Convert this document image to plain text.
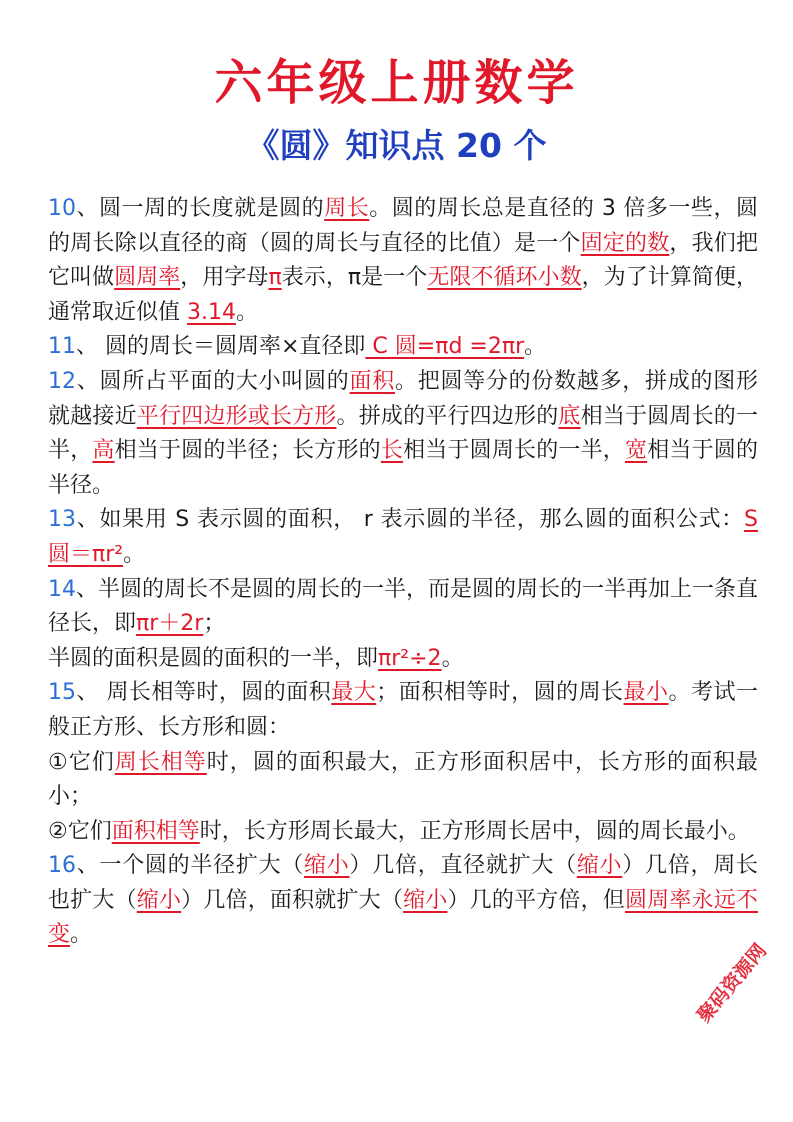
六年级上册数学
《圆》知识点 20 个
10、圆一周的长度就是圆的周长。圆的周长总是直径的 3 倍多一些，圆的周长除以直径的商（圆的周长与直径的比值）是一个固定的数，我们把它叫做圆周率，用字母π表示，π是一个无限不循环小数，为了计算简便，通常取近似值 3.14。
11、 圆的周长＝圆周率×直径即 C 圆=πd =2πr。
12、圆所占平面的大小叫圆的面积。把圆等分的份数越多，拼成的图形就越接近平行四边形或长方形。拼成的平行四边形的底相当于圆周长的一半，高相当于圆的半径；长方形的长相当于圆周长的一半，宽相当于圆的半径。
13、如果用 S 表示圆的面积， r 表示圆的半径，那么圆的面积公式：S 圆＝πr²。
14、半圆的周长不是圆的周长的一半，而是圆的周长的一半再加上一条直径长，即πr＋2r；
半圆的面积是圆的面积的一半，即πr²÷2。
15、 周长相等时，圆的面积最大；面积相等时，圆的周长最小。考试一般正方形、长方形和圆：
①它们周长相等时，圆的面积最大，正方形面积居中，长方形的面积最小；
②它们面积相等时，长方形周长最大，正方形周长居中，圆的周长最小。
16、一个圆的半径扩大（缩小）几倍，直径就扩大（缩小）几倍，周长也扩大（缩小）几倍，面积就扩大（缩小）几的平方倍，但圆周率永远不变。
聚码资源网
